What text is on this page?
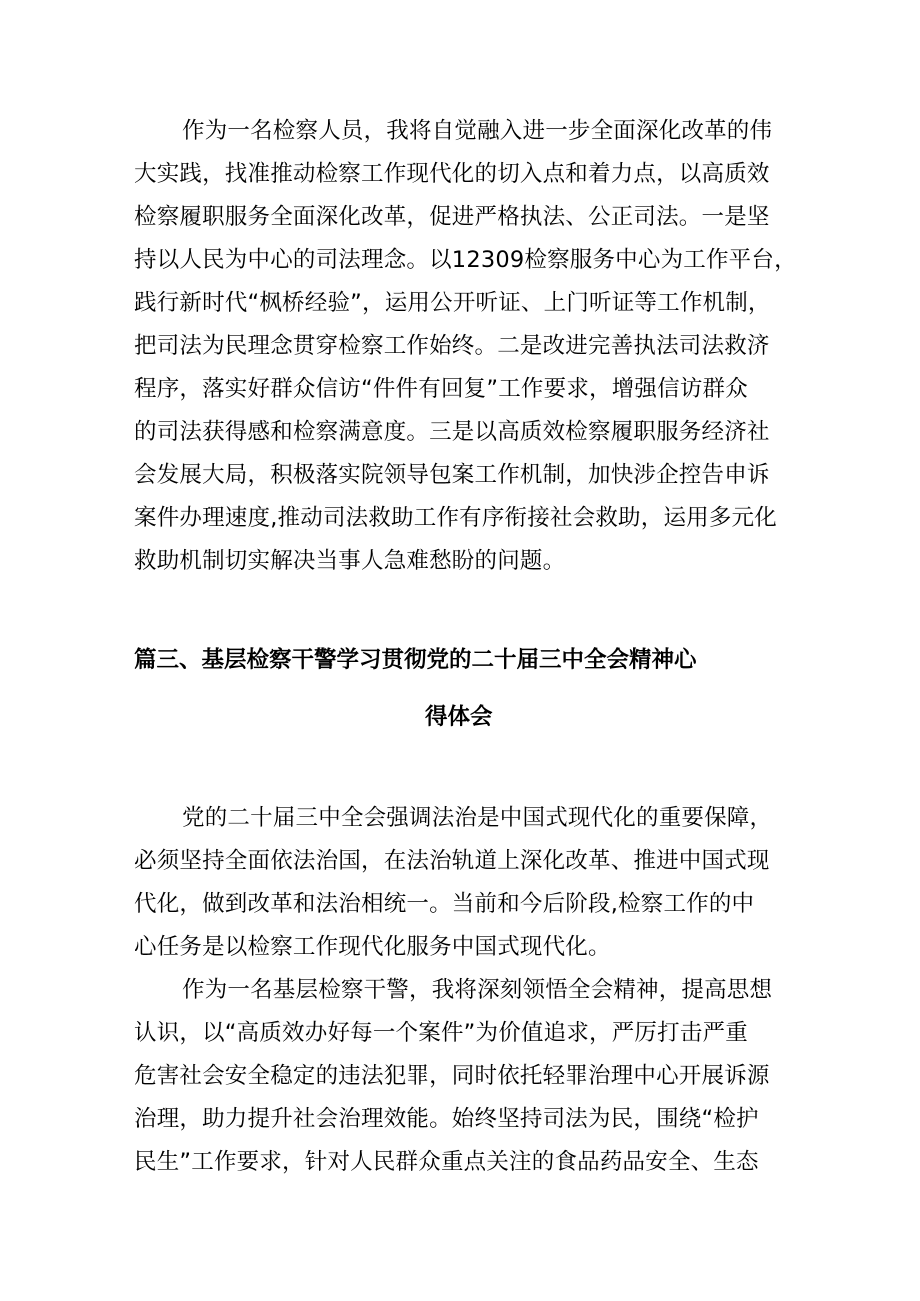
作为一名检察人员，我将自觉融入进一步全面深化改革的伟
大实践，找准推动检察工作现代化的切入点和着力点，以高质效
检察履职服务全面深化改革，促进严格执法、公正司法。一是坚
持以人民为中心的司法理念。以12309检察服务中心为工作平台，
践行新时代“枫桥经验”，运用公开听证、上门听证等工作机制，
把司法为民理念贯穿检察工作始终。二是改进完善执法司法救济
程序，落实好群众信访“件件有回复”工作要求，增强信访群众
的司法获得感和检察满意度。三是以高质效检察履职服务经济社
会发展大局，积极落实院领导包案工作机制，加快涉企控告申诉
案件办理速度,推动司法救助工作有序衔接社会救助，运用多元化
救助机制切实解决当事人急难愁盼的问题。
篇三、基层检察干警学习贯彻党的二十届三中全会精神心
得体会
党的二十届三中全会强调法治是中国式现代化的重要保障，
必须坚持全面依法治国，在法治轨道上深化改革、推进中国式现
代化，做到改革和法治相统一。当前和今后阶段,检察工作的中
心任务是以检察工作现代化服务中国式现代化。
作为一名基层检察干警，我将深刻领悟全会精神，提高思想
认识，以“高质效办好每一个案件”为价值追求，严厉打击严重
危害社会安全稳定的违法犯罪，同时依托轻罪治理中心开展诉源
治理，助力提升社会治理效能。始终坚持司法为民，围绕“检护
民生”工作要求，针对人民群众重点关注的食品药品安全、生态
